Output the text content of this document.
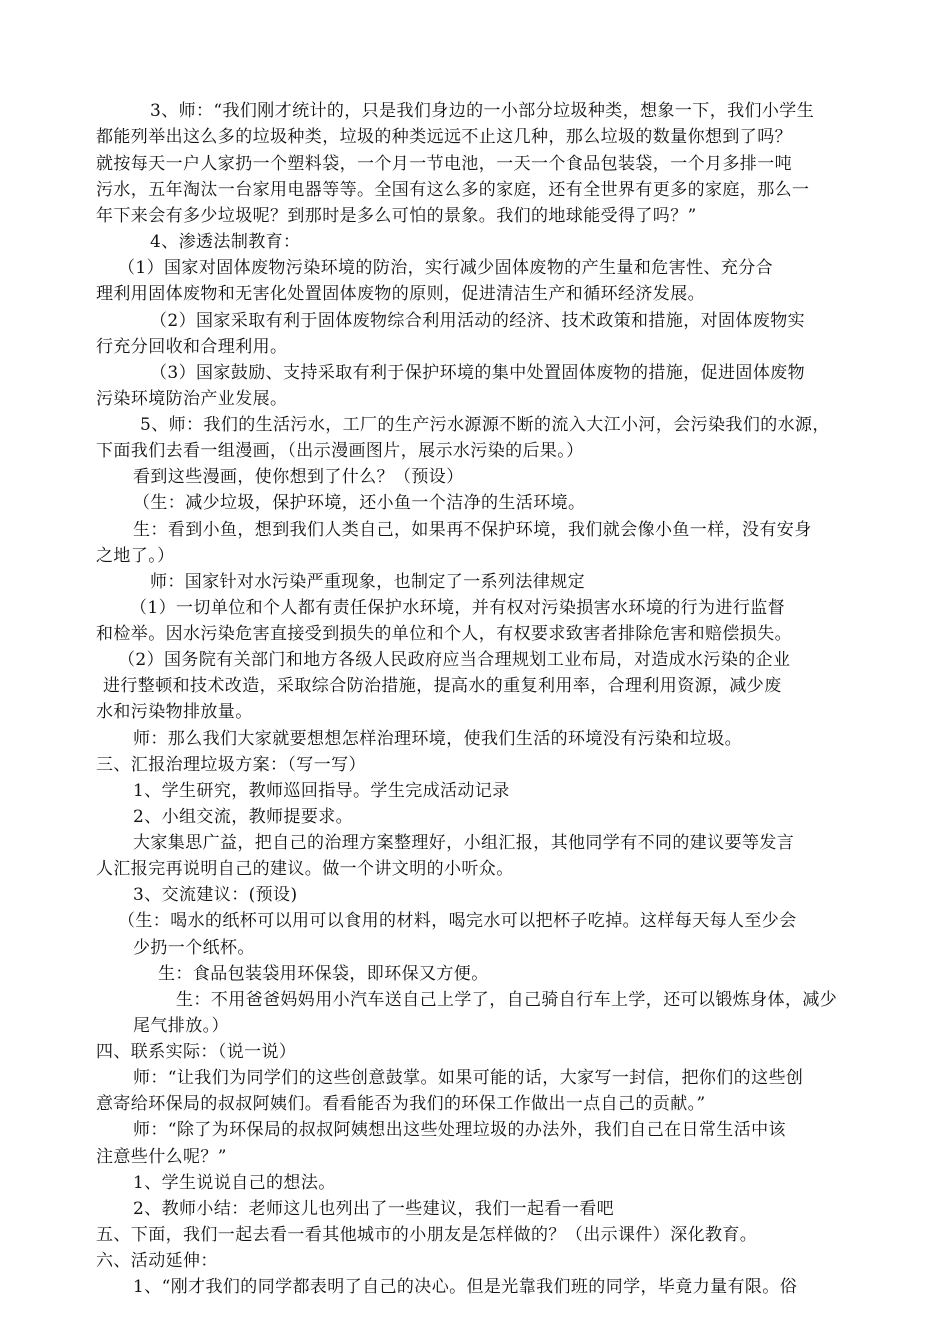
3、师：“我们刚才统计的，只是我们身边的一小部分垃圾种类，想象一下，我们小学生
都能列举出这么多的垃圾种类，垃圾的种类远远不止这几种，那么垃圾的数量你想到了吗？
就按每天一户人家扔一个塑料袋，一个月一节电池，一天一个食品包装袋，一个月多排一吨
污水，五年淘汰一台家用电器等等。全国有这么多的家庭，还有全世界有更多的家庭，那么一
年下来会有多少垃圾呢？到那时是多么可怕的景象。我们的地球能受得了吗？”
4、渗透法制教育：
（1）国家对固体废物污染环境的防治，实行减少固体废物的产生量和危害性、充分合
理利用固体废物和无害化处置固体废物的原则，促进清洁生产和循环经济发展。
（2）国家采取有利于固体废物综合利用活动的经济、技术政策和措施，对固体废物实
行充分回收和合理利用。
（3）国家鼓励、支持采取有利于保护环境的集中处置固体废物的措施，促进固体废物
污染环境防治产业发展。
5、师：我们的生活污水，工厂的生产污水源源不断的流入大江小河，会污染我们的水源，
下面我们去看一组漫画，（出示漫画图片，展示水污染的后果。）
看到这些漫画，使你想到了什么？（预设）
（生：减少垃圾，保护环境，还小鱼一个洁净的生活环境。
生：看到小鱼，想到我们人类自己，如果再不保护环境，我们就会像小鱼一样，没有安身
之地了。）
师：国家针对水污染严重现象，也制定了一系列法律规定
（1）一切单位和个人都有责任保护水环境，并有权对污染损害水环境的行为进行监督
和检举。因水污染危害直接受到损失的单位和个人，有权要求致害者排除危害和赔偿损失。
（2）国务院有关部门和地方各级人民政府应当合理规划工业布局，对造成水污染的企业
进行整顿和技术改造，采取综合防治措施，提高水的重复利用率，合理利用资源，减少废
水和污染物排放量。
师：那么我们大家就要想想怎样治理环境，使我们生活的环境没有污染和垃圾。
三、汇报治理垃圾方案：（写一写）
1、学生研究，教师巡回指导。学生完成活动记录
2、小组交流，教师提要求。
大家集思广益，把自己的治理方案整理好，小组汇报，其他同学有不同的建议要等发言
人汇报完再说明自己的建议。做一个讲文明的小听众。
3、交流建议：(预设)
（生：喝水的纸杯可以用可以食用的材料，喝完水可以把杯子吃掉。这样每天每人至少会
少扔一个纸杯。
生：食品包装袋用环保袋，即环保又方便。
生：不用爸爸妈妈用小汽车送自己上学了，自己骑自行车上学，还可以锻炼身体，减少
尾气排放。）
四、联系实际：（说一说）
师：“让我们为同学们的这些创意鼓掌。如果可能的话，大家写一封信，把你们的这些创
意寄给环保局的叔叔阿姨们。看看能否为我们的环保工作做出一点自己的贡献。”
师：“除了为环保局的叔叔阿姨想出这些处理垃圾的办法外，我们自己在日常生活中该
注意些什么呢？”
1、学生说说自己的想法。
2、教师小结：老师这儿也列出了一些建议，我们一起看一看吧
五、下面，我们一起去看一看其他城市的小朋友是怎样做的？（出示课件）深化教育。
六、活动延伸：
1、“刚才我们的同学都表明了自己的决心。但是光靠我们班的同学，毕竟力量有限。俗
